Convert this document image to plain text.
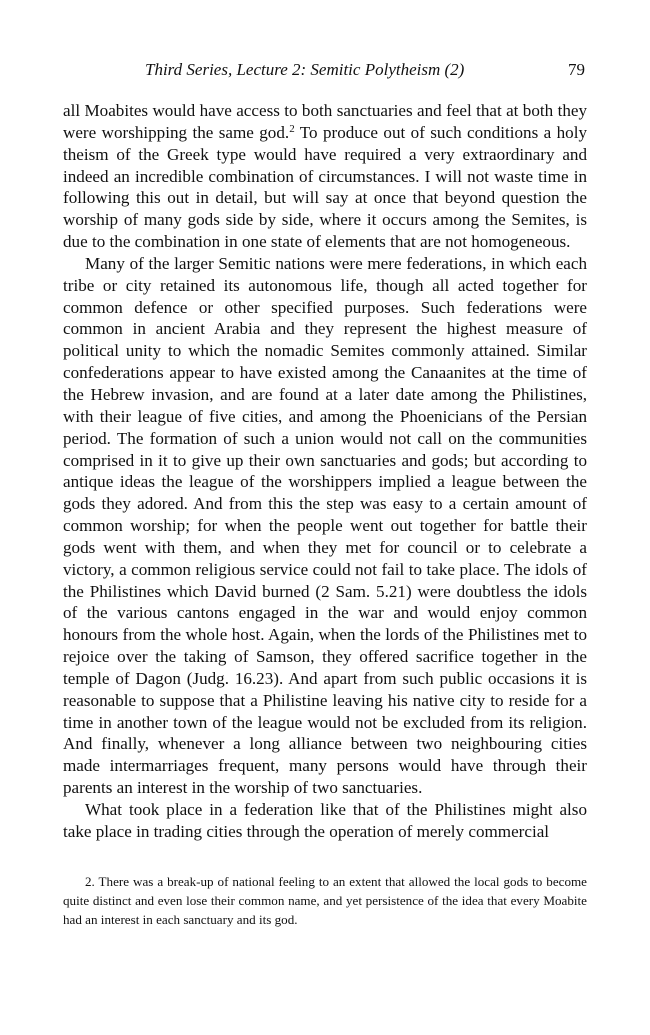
Third Series, Lecture 2: Semitic Polytheism (2)	79

all Moabites would have access to both sanctuaries and feel that at both they were worshipping the same god.$^2$ To produce out of such conditions a holy theism of the Greek type would have required a very extraordinary and indeed an incredible combination of circumstances. I will not waste time in following this out in detail, but will say at once that beyond question the worship of many gods side by side, where it occurs among the Semites, is due to the combination in one state of elements that are not homogeneous.

Many of the larger Semitic nations were mere federations, in which each tribe or city retained its autonomous life, though all acted together for common defence or other specified purposes. Such federations were common in ancient Arabia and they represent the highest measure of political unity to which the nomadic Semites commonly attained. Similar confederations appear to have existed among the Canaanites at the time of the Hebrew invasion, and are found at a later date among the Philistines, with their league of five cities, and among the Phoenicians of the Persian period. The formation of such a union would not call on the communities comprised in it to give up their own sanctuaries and gods; but according to antique ideas the league of the worshippers implied a league between the gods they adored. And from this the step was easy to a certain amount of common worship; for when the people went out together for battle their gods went with them, and when they met for council or to celebrate a victory, a common religious service could not fail to take place. The idols of the Philistines which David burned (2 Sam. 5.21) were doubtless the idols of the various cantons engaged in the war and would enjoy common honours from the whole host. Again, when the lords of the Philistines met to rejoice over the taking of Samson, they offered sacrifice together in the temple of Dagon (Judg. 16.23). And apart from such public occasions it is reasonable to suppose that a Philistine leaving his native city to reside for a time in another town of the league would not be excluded from its religion. And finally, whenever a long alliance between two neighbouring cities made intermarriages frequent, many persons would have through their parents an interest in the worship of two sanctuaries.

What took place in a federation like that of the Philistines might also take place in trading cities through the operation of merely commercial

2. There was a break-up of national feeling to an extent that allowed the local gods to become quite distinct and even lose their common name, and yet persistence of the idea that every Moabite had an interest in each sanctuary and its god.
